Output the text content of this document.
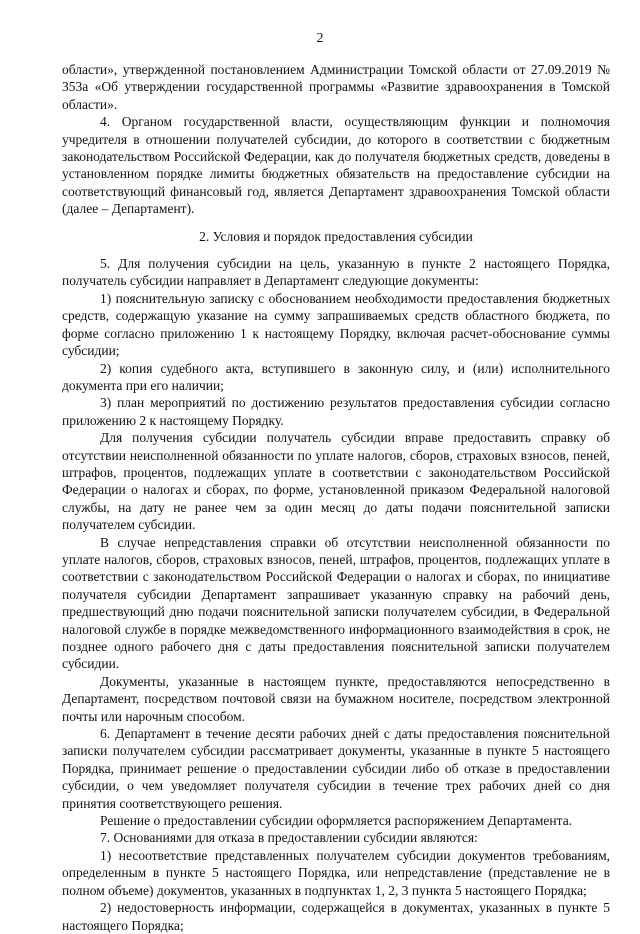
2

области», утвержденной постановлением Администрации Томской области от 27.09.2019 № 353а «Об утверждении государственной программы «Развитие здравоохранения в Томской области».

4. Органом государственной власти, осуществляющим функции и полномочия учредителя в отношении получателей субсидии, до которого в соответствии с бюджетным законодательством Российской Федерации, как до получателя бюджетных средств, доведены в установленном порядке лимиты бюджетных обязательств на предоставление субсидии на соответствующий финансовый год, является Департамент здравоохранения Томской области (далее – Департамент).

2. Условия и порядок предоставления субсидии

5. Для получения субсидии на цель, указанную в пункте 2 настоящего Порядка, получатель субсидии направляет в Департамент следующие документы:

1) пояснительную записку с обоснованием необходимости предоставления бюджетных средств, содержащую указание на сумму запрашиваемых средств областного бюджета, по форме согласно приложению 1 к настоящему Порядку, включая расчет-обоснование суммы субсидии;

2) копия судебного акта, вступившего в законную силу, и (или) исполнительного документа при его наличии;

3) план мероприятий по достижению результатов предоставления субсидии согласно приложению 2 к настоящему Порядку.

Для получения субсидии получатель субсидии вправе предоставить справку об отсутствии неисполненной обязанности по уплате налогов, сборов, страховых взносов, пеней, штрафов, процентов, подлежащих уплате в соответствии с законодательством Российской Федерации о налогах и сборах, по форме, установленной приказом Федеральной налоговой службы, на дату не ранее чем за один месяц до даты подачи пояснительной записки получателем субсидии.

В случае непредставления справки об отсутствии неисполненной обязанности по уплате налогов, сборов, страховых взносов, пеней, штрафов, процентов, подлежащих уплате в соответствии с законодательством Российской Федерации о налогах и сборах, по инициативе получателя субсидии Департамент запрашивает указанную справку на рабочий день, предшествующий дню подачи пояснительной записки получателем субсидии, в Федеральной налоговой службе в порядке межведомственного информационного взаимодействия в срок, не позднее одного рабочего дня с даты предоставления пояснительной записки получателем субсидии.

Документы, указанные в настоящем пункте, предоставляются непосредственно в Департамент, посредством почтовой связи на бумажном носителе, посредством электронной почты или нарочным способом.

6. Департамент в течение десяти рабочих дней с даты предоставления пояснительной записки получателем субсидии рассматривает документы, указанные в пункте 5 настоящего Порядка, принимает решение о предоставлении субсидии либо об отказе в предоставлении субсидии, о чем уведомляет получателя субсидии в течение трех рабочих дней со дня принятия соответствующего решения.

Решение о предоставлении субсидии оформляется распоряжением Департамента.

7. Основаниями для отказа в предоставлении субсидии являются:

1) несоответствие представленных получателем субсидии документов требованиям, определенным в пункте 5 настоящего Порядка, или непредставление (представление не в полном объеме) документов, указанных в подпунктах 1, 2, 3 пункта 5 настоящего Порядка;

2) недостоверность информации, содержащейся в документах, указанных в пункте 5 настоящего Порядка;
